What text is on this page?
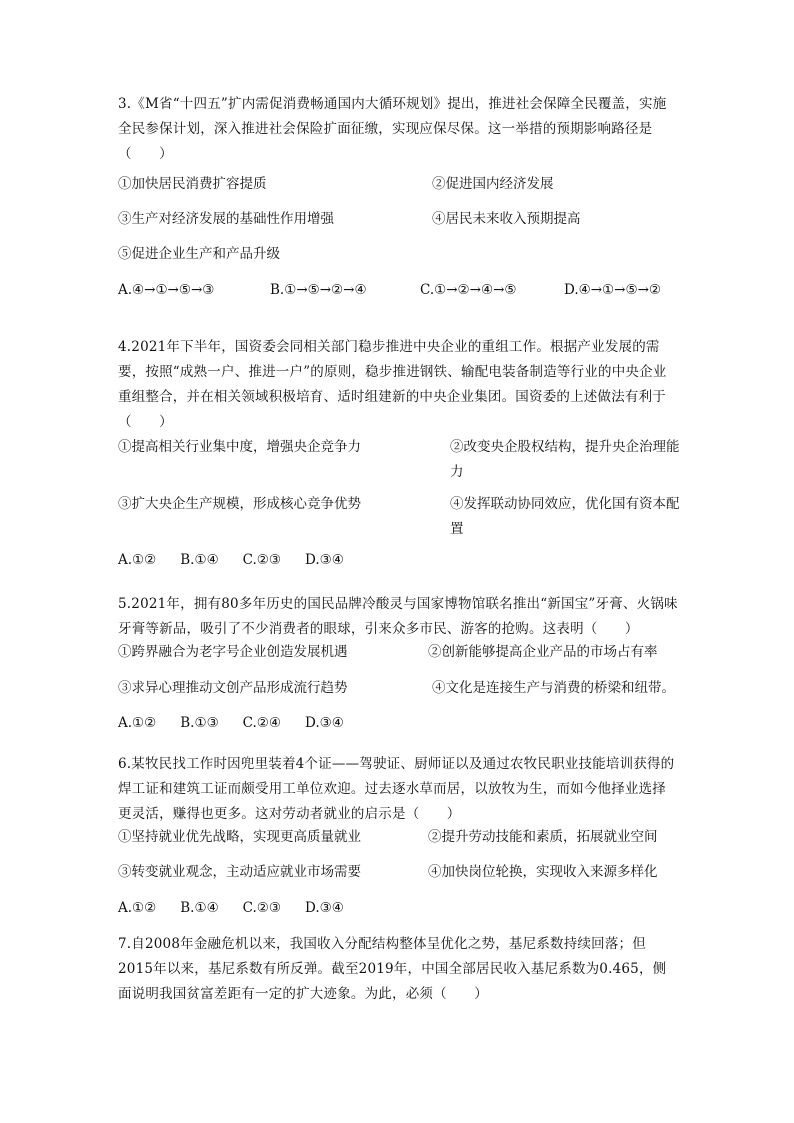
3.《M省“十四五”扩内需促消费畅通国内大循环规划》提出，推进社会保障全民覆盖，实施全民参保计划，深入推进社会保险扩面征缴，实现应保尽保。这一举措的预期影响路径是（　　）
①加快居民消费扩容提质	②促进国内经济发展
③生产对经济发展的基础性作用增强	④居民未来收入预期提高
⑤促进企业生产和产品升级
A.④→①→⑤→③	B.①→⑤→②→④	C.①→②→④→⑤	D.④→①→⑤→②
4.2021年下半年，国资委会同相关部门稳步推进中央企业的重组工作。根据产业发展的需要，按照“成熟一户、推进一户”的原则，稳步推进钢铁、输配电装备制造等行业的中央企业重组整合，并在相关领域积极培育、适时组建新的中央企业集团。国资委的上述做法有利于（　　）
①提高相关行业集中度，增强央企竞争力	②改变央企股权结构，提升央企治理能力
③扩大央企生产规模，形成核心竞争优势	④发挥联动协同效应，优化国有资本配置
A.①② B.①④ C.②③ D.③④
5.2021年，拥有80多年历史的国民品牌冷酸灵与国家博物馆联名推出“新国宝”牙膏、火锅味牙膏等新品，吸引了不少消费者的眼球，引来众多市民、游客的抢购。这表明（　　）
①跨界融合为老字号企业创造发展机遇	②创新能够提高企业产品的市场占有率
③求异心理推动文创产品形成流行趋势	④文化是连接生产与消费的桥梁和纽带。
A.①② B.①③ C.②④ D.③④
6.某牧民找工作时因兜里装着4个证——驾驶证、厨师证以及通过农牧民职业技能培训获得的焊工证和建筑工证而颇受用工单位欢迎。过去逐水草而居，以放牧为生，而如今他择业选择更灵活，赚得也更多。这对劳动者就业的启示是（　　）
①坚持就业优先战略，实现更高质量就业	②提升劳动技能和素质，拓展就业空间
③转变就业观念，主动适应就业市场需要	④加快岗位轮换，实现收入来源多样化
A.①② B.①④ C.②③ D.③④
7.自2008年金融危机以来，我国收入分配结构整体呈优化之势，基尼系数持续回落；但2015年以来，基尼系数有所反弹。截至2019年，中国全部居民收入基尼系数为0.465，侧面说明我国贫富差距有一定的扩大迹象。为此，必须（　　）
